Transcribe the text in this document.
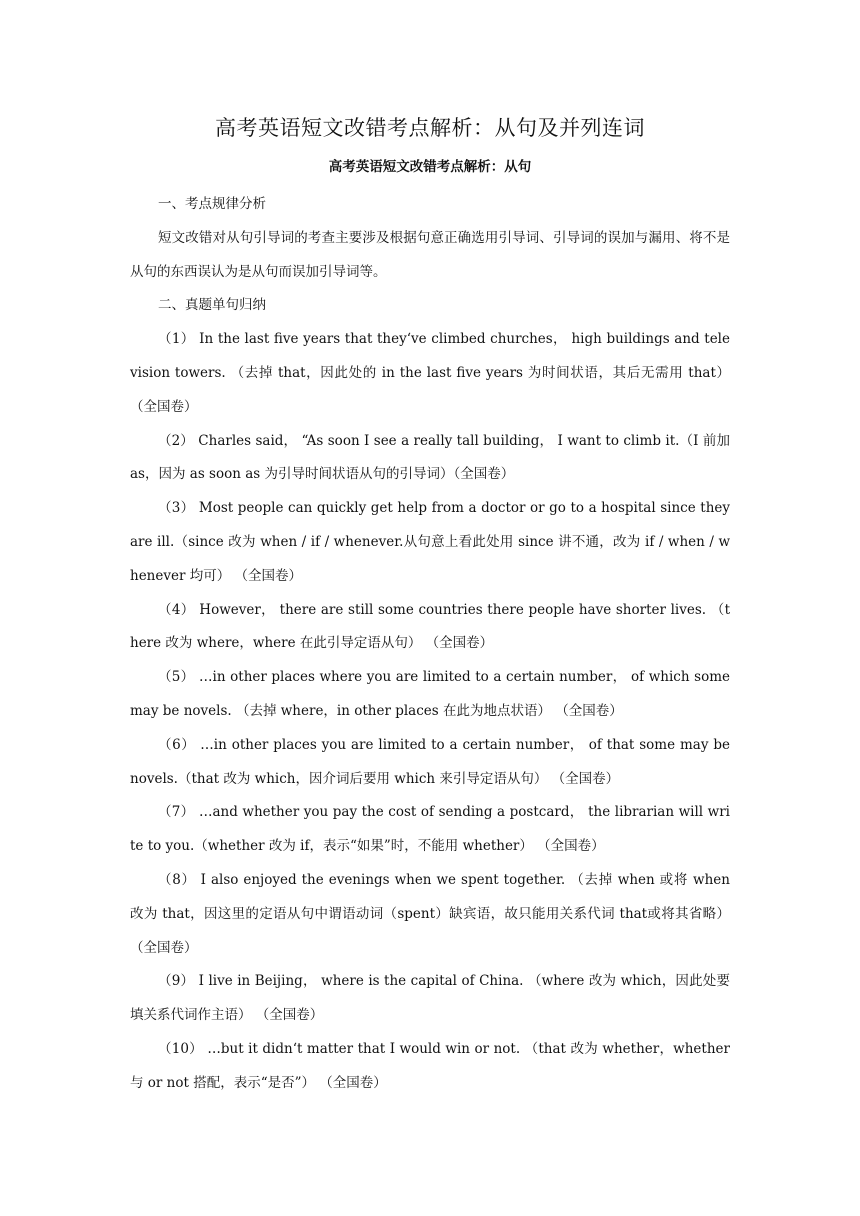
高考英语短文改错考点解析：从句及并列连词
高考英语短文改错考点解析：从句

一、考点规律分析

短文改错对从句引导词的考查主要涉及根据句意正确选用引导词、引导词的误加与漏用、将不是从句的东西误认为是从句而误加引导词等。

二、真题单句归纳

（1） In the last five years that they‘ve climbed churches， high buildings and television towers. （去掉 that，因此处的 in the last five years 为时间状语，其后无需用 that） （全国卷）

（2） Charles said， “As soon I see a really tall building， I want to climb it.（I 前加 as，因为 as soon as 为引导时间状语从句的引导词）（全国卷）

（3） Most people can quickly get help from a doctor or go to a hospital since they are ill.（since 改为 when / if / whenever.从句意上看此处用 since 讲不通，改为 if / when / whenever 均可） （全国卷）

（4） However， there are still some countries there people have shorter lives. （there 改为 where，where 在此引导定语从句） （全国卷）

（5） …in other places where you are limited to a certain number， of which some may be novels. （去掉 where，in other places 在此为地点状语） （全国卷）

（6） …in other places you are limited to a certain number， of that some may be novels.（that 改为 which，因介词后要用 which 来引导定语从句） （全国卷）

（7） …and whether you pay the cost of sending a postcard， the librarian will write to you.（whether 改为 if，表示“如果”时，不能用 whether） （全国卷）

（8） I also enjoyed the evenings when we spent together. （去掉 when 或将 when 改为 that，因这里的定语从句中谓语动词（spent）缺宾语，故只能用关系代词 that或将其省略）（全国卷）

（9） I live in Beijing， where is the capital of China. （where 改为 which，因此处要填关系代词作主语） （全国卷）

（10） …but it didn‘t matter that I would win or not. （that 改为 whether，whether 与 or not 搭配，表示“是否”） （全国卷）
